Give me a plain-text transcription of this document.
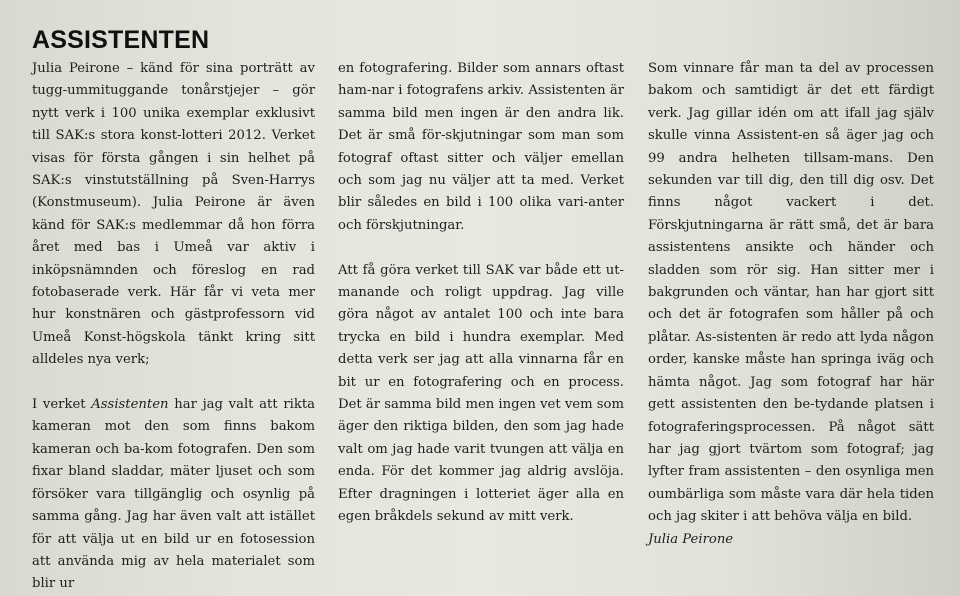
ASSISTENTEN

Julia Peirone – känd för sina porträtt av tugg-ummituggande tonårstjejer – gör nytt verk i 100 unika exemplar exklusivt till SAK:s stora konst-lotteri 2012. Verket visas för första gången i sin helhet på SAK:s vinstutställning på Sven-Harrys (Konstmuseum). Julia Peirone är även känd för SAK:s medlemmar då hon förra året med bas i Umeå var aktiv i inköpsnämnden och föreslog en rad fotobaserade verk. Här får vi veta mer hur konstnären och gästprofessorn vid Umeå Konst-högskola tänkt kring sitt alldeles nya verk;

I verket Assistenten har jag valt att rikta kameran mot den som finns bakom kameran och ba-kom fotografen. Den som fixar bland sladdar, mäter ljuset och som försöker vara tillgänglig och osynlig på samma gång. Jag har även valt att istället för att välja ut en bild ur en fotosession att använda mig av hela materialet som blir ur

en fotografering. Bilder som annars oftast ham-nar i fotografens arkiv. Assistenten är samma bild men ingen är den andra lik. Det är små för-skjutningar som man som fotograf oftast sitter och väljer emellan och som jag nu väljer att ta med. Verket blir således en bild i 100 olika vari-anter och förskjutningar.

Att få göra verket till SAK var både ett ut-manande och roligt uppdrag. Jag ville göra något av antalet 100 och inte bara trycka en bild i hundra exemplar. Med detta verk ser jag att alla vinnarna får en bit ur en fotografering och en process. Det är samma bild men ingen vet vem som äger den riktiga bilden, den som jag hade valt om jag hade varit tvungen att välja en enda. För det kommer jag aldrig avslöja. Efter dragningen i lotteriet äger alla en egen bråkdels sekund av mitt verk.

Som vinnare får man ta del av processen bakom och samtidigt är det ett färdigt verk. Jag gillar idén om att ifall jag själv skulle vinna Assistent-en så äger jag och 99 andra helheten tillsam-mans. Den sekunden var till dig, den till dig osv. Det finns något vackert i det. Förskjutningarna är rätt små, det är bara assistentens ansikte och händer och sladden som rör sig. Han sitter mer i bakgrunden och väntar, han har gjort sitt och det är fotografen som håller på och plåtar. As-sistenten är redo att lyda någon order, kanske måste han springa iväg och hämta något. Jag som fotograf har här gett assistenten den be-tydande platsen i fotograferingsprocessen. På något sätt har jag gjort tvärtom som fotograf; jag lyfter fram assistenten – den osynliga men oumbärliga som måste vara där hela tiden och jag skiter i att behöva välja en bild.

Julia Peirone
